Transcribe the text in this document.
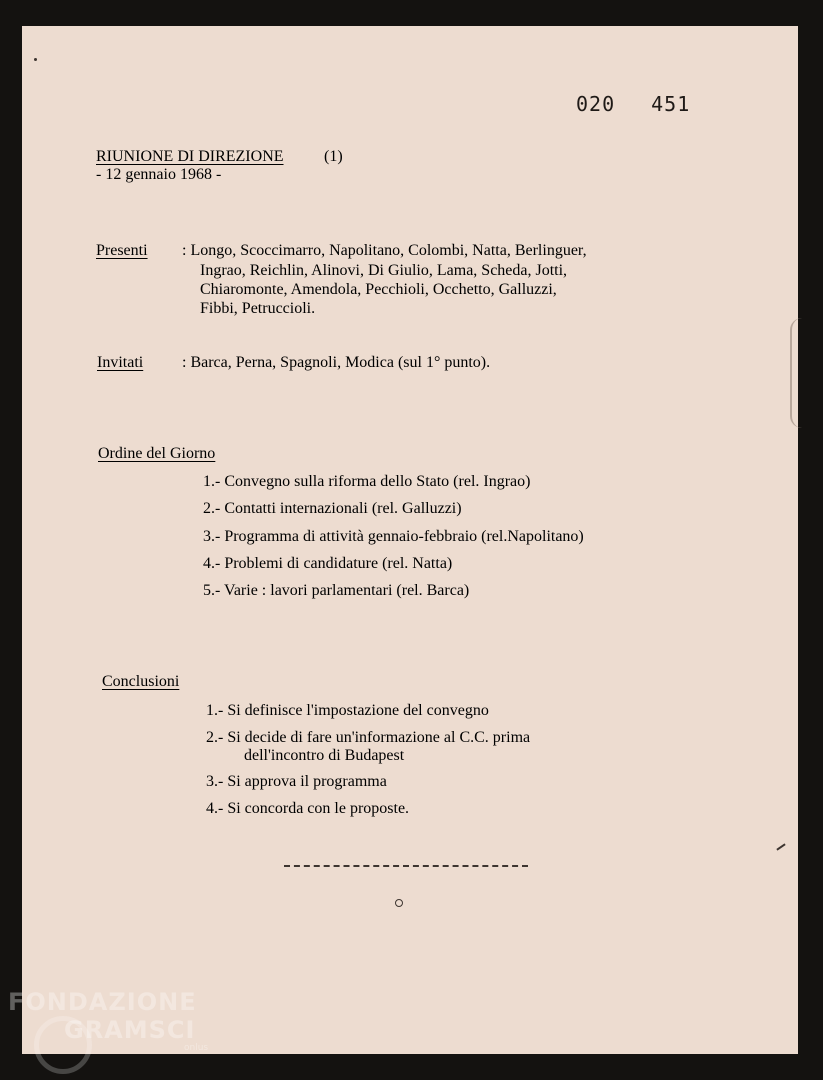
020 451
RIUNIONE DI DIREZIONE	(1)
- 12 gennaio 1968 -
Presenti : Longo, Scoccimarro, Napolitano, Colombi, Natta, Berlinguer,
Ingrao, Reichlin, Alinovi, Di Giulio, Lama, Scheda, Jotti,
Chiaromonte, Amendola, Pecchioli, Occhetto, Galluzzi,
Fibbi, Petruccioli.
Invitati : Barca, Perna, Spagnoli, Modica (sul 1° punto).
Ordine del Giorno
1.- Convegno sulla riforma dello Stato (rel. Ingrao)
2.- Contatti internazionali (rel. Galluzzi)
3.- Programma di attività gennaio-febbraio (rel.Napolitano)
4.- Problemi di candidature (rel. Natta)
5.- Varie : lavori parlamentari (rel. Barca)
Conclusioni
1.- Si definisce l'impostazione del convegno
2.- Si decide di fare un'informazione al C.C. prima
dell'incontro di Budapest
3.- Si approva il programma
4.- Si concorda con le proposte.
FONDAZIONE
GRAMSCI
onlus
